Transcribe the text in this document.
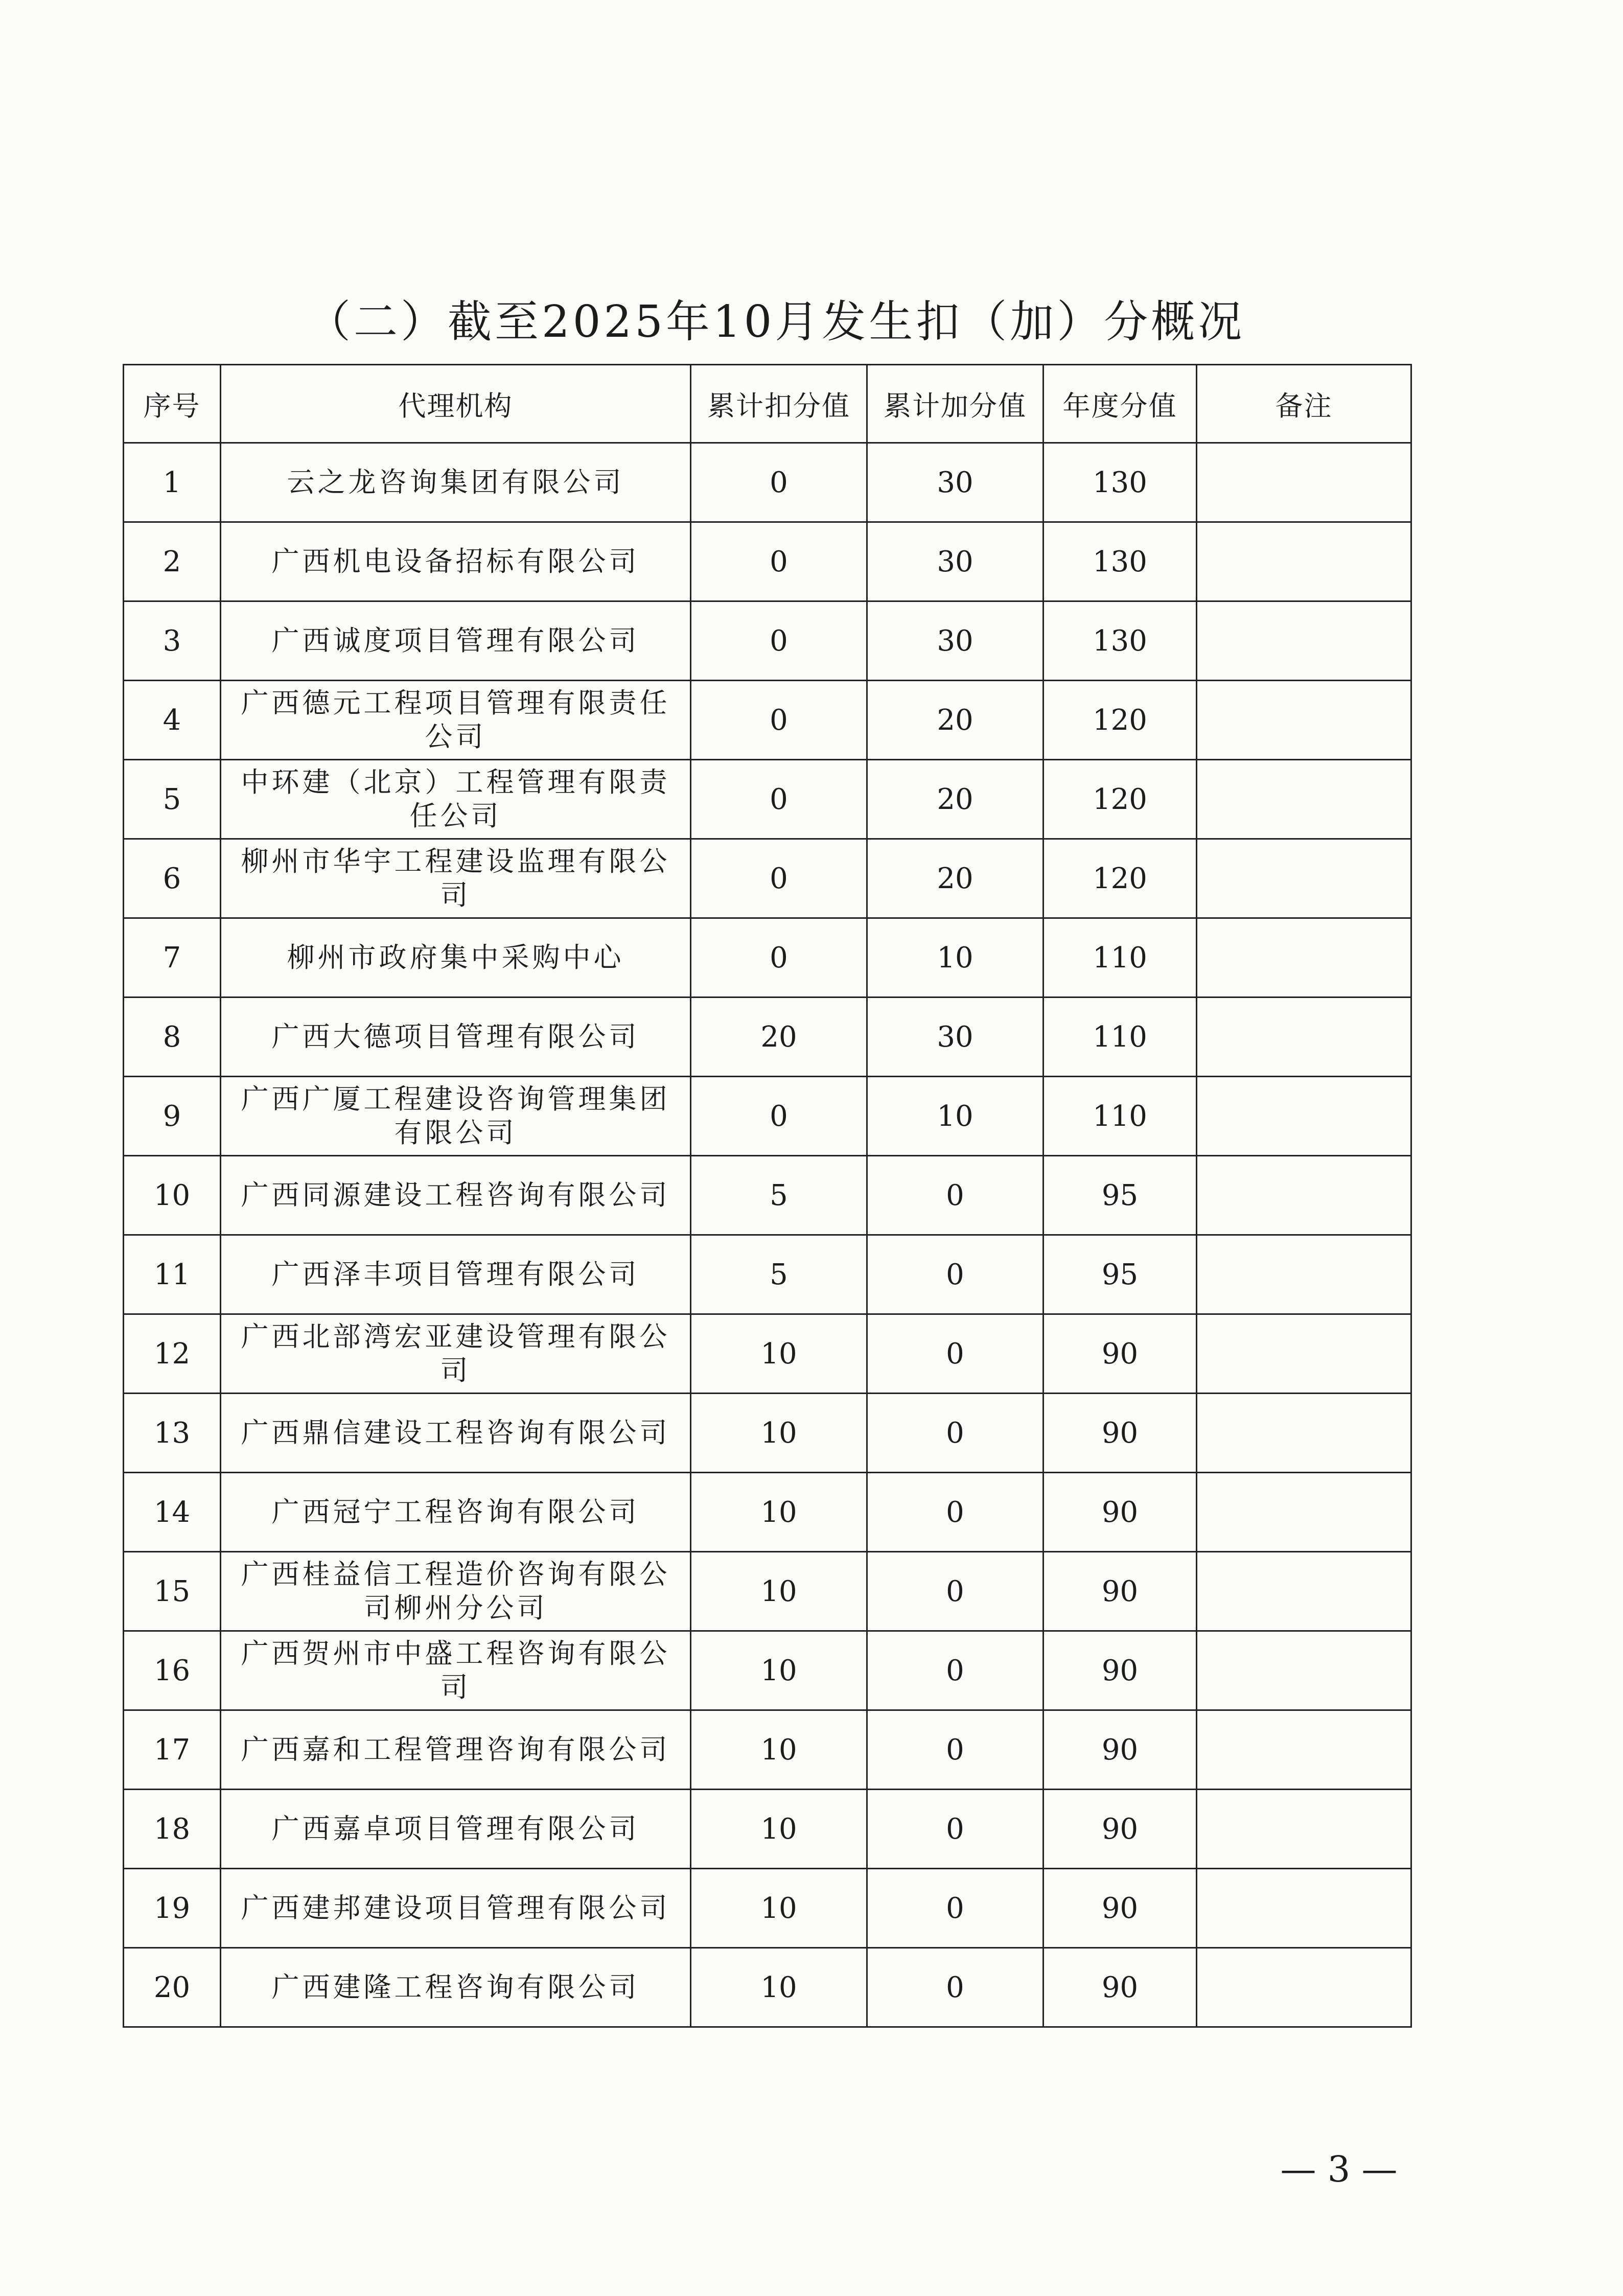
（二）截至2025年10月发生扣（加）分概况
序号	代理机构	累计扣分值	累计加分值	年度分值	备注
1	云之龙咨询集团有限公司	0	30	130	
2	广西机电设备招标有限公司	0	30	130	
3	广西诚度项目管理有限公司	0	30	130	
4	广西德元工程项目管理有限责任公司	0	20	120	
5	中环建（北京）工程管理有限责任公司	0	20	120	
6	柳州市华宇工程建设监理有限公司	0	20	120	
7	柳州市政府集中采购中心	0	10	110	
8	广西大德项目管理有限公司	20	30	110	
9	广西广厦工程建设咨询管理集团有限公司	0	10	110	
10	广西同源建设工程咨询有限公司	5	0	95	
11	广西泽丰项目管理有限公司	5	0	95	
12	广西北部湾宏亚建设管理有限公司	10	0	90	
13	广西鼎信建设工程咨询有限公司	10	0	90	
14	广西冠宁工程咨询有限公司	10	0	90	
15	广西桂益信工程造价咨询有限公司柳州分公司	10	0	90	
16	广西贺州市中盛工程咨询有限公司	10	0	90	
17	广西嘉和工程管理咨询有限公司	10	0	90	
18	广西嘉卓项目管理有限公司	10	0	90	
19	广西建邦建设项目管理有限公司	10	0	90	
20	广西建隆工程咨询有限公司	10	0	90	
— 3 —
